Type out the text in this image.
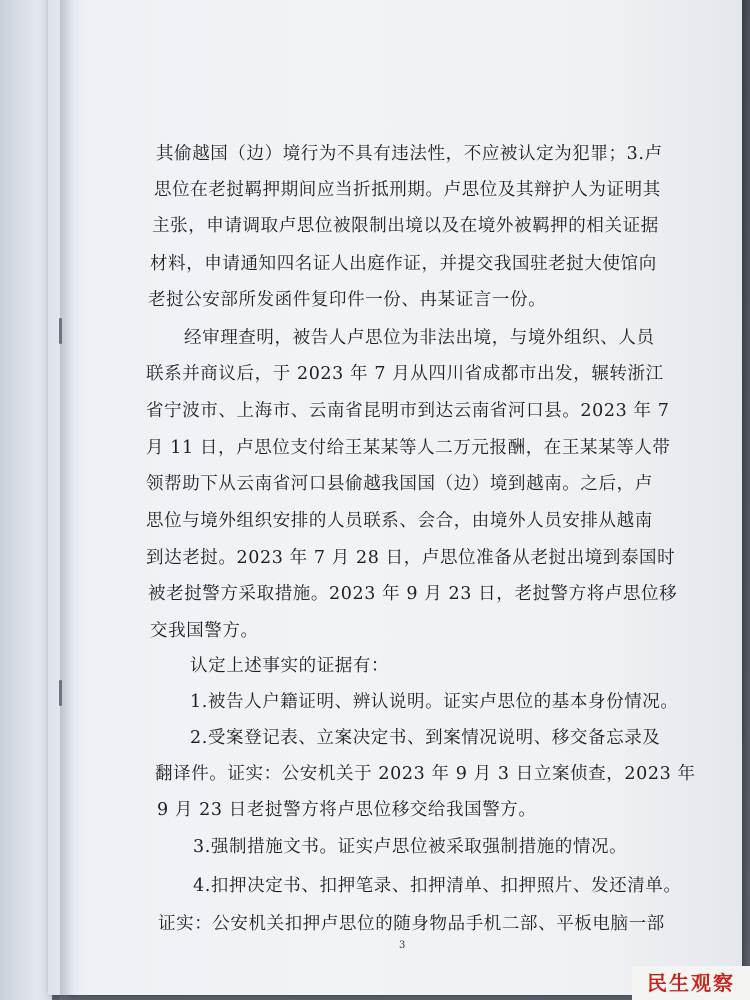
其偷越国（边）境行为不具有违法性，不应被认定为犯罪；3.卢
思位在老挝羁押期间应当折抵刑期。卢思位及其辩护人为证明其
主张，申请调取卢思位被限制出境以及在境外被羁押的相关证据
材料，申请通知四名证人出庭作证，并提交我国驻老挝大使馆向
老挝公安部所发函件复印件一份、冉某证言一份。
经审理查明，被告人卢思位为非法出境，与境外组织、人员
联系并商议后，于 2023 年 7 月从四川省成都市出发，辗转浙江
省宁波市、上海市、云南省昆明市到达云南省河口县。2023 年 7
月 11 日，卢思位支付给王某某等人二万元报酬，在王某某等人带
领帮助下从云南省河口县偷越我国国（边）境到越南。之后，卢
思位与境外组织安排的人员联系、会合，由境外人员安排从越南
到达老挝。2023 年 7 月 28 日，卢思位准备从老挝出境到泰国时
被老挝警方采取措施。2023 年 9 月 23 日，老挝警方将卢思位移
交我国警方。
认定上述事实的证据有：
1.被告人户籍证明、辨认说明。证实卢思位的基本身份情况。
2.受案登记表、立案决定书、到案情况说明、移交备忘录及
翻译件。证实：公安机关于 2023 年 9 月 3 日立案侦查，2023 年
9 月 23 日老挝警方将卢思位移交给我国警方。
3.强制措施文书。证实卢思位被采取强制措施的情况。
4.扣押决定书、扣押笔录、扣押清单、扣押照片、发还清单。
证实：公安机关扣押卢思位的随身物品手机二部、平板电脑一部
3
民生观察
